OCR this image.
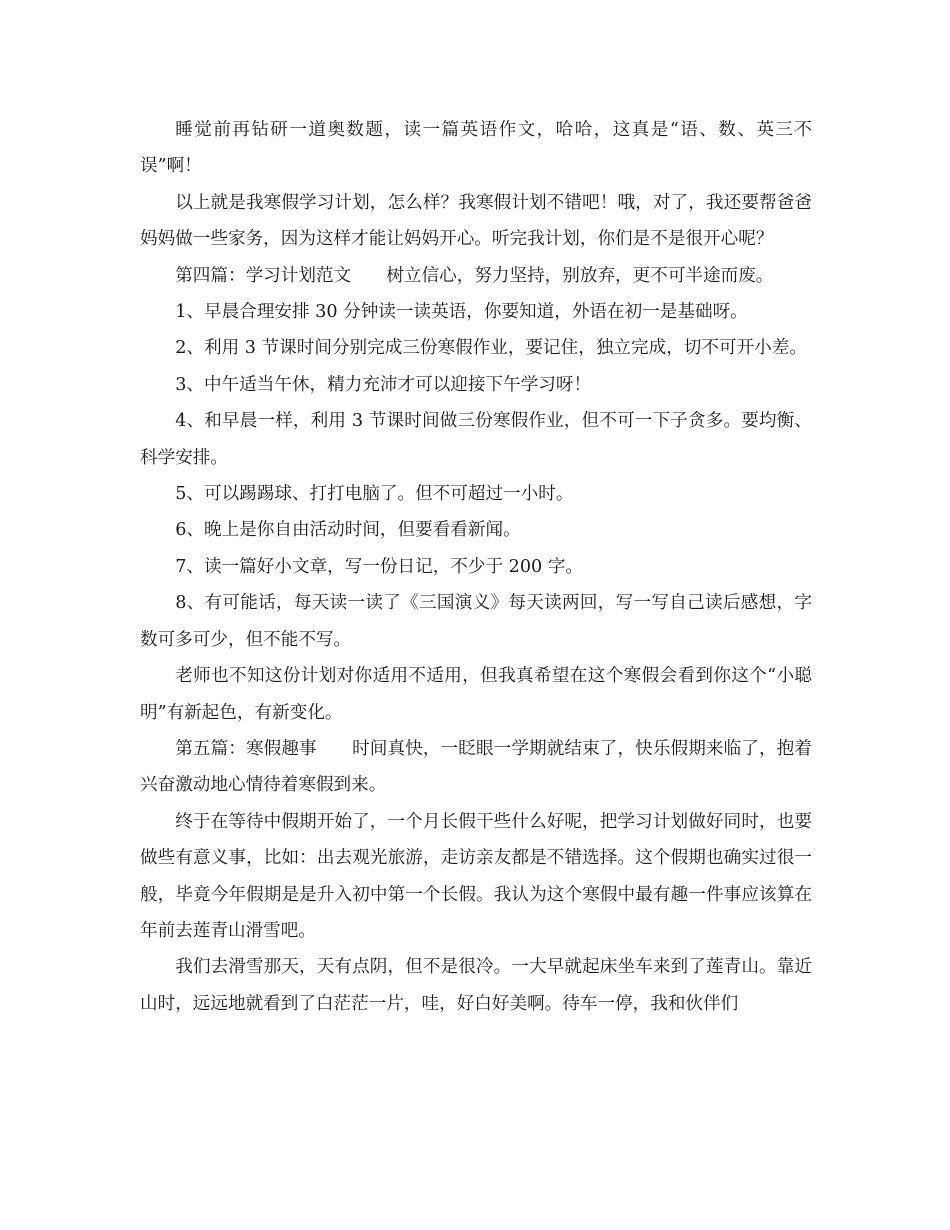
睡觉前再钻研一道奥数题，读一篇英语作文，哈哈，这真是“语、数、英三不误”啊！

以上就是我寒假学习计划，怎么样？我寒假计划不错吧！哦，对了，我还要帮爸爸妈妈做一些家务，因为这样才能让妈妈开心。听完我计划，你们是不是很开心呢？

第四篇：学习计划范文　　树立信心，努力坚持，别放弃，更不可半途而废。

1、早晨合理安排 30 分钟读一读英语，你要知道，外语在初一是基础呀。

2、利用 3 节课时间分别完成三份寒假作业，要记住，独立完成，切不可开小差。

3、中午适当午休，精力充沛才可以迎接下午学习呀！

4、和早晨一样，利用 3 节课时间做三份寒假作业，但不可一下子贪多。要均衡、科学安排。

5、可以踢踢球、打打电脑了。但不可超过一小时。

6、晚上是你自由活动时间，但要看看新闻。

7、读一篇好小文章，写一份日记，不少于 200 字。

8、有可能话，每天读一读了《三国演义》每天读两回，写一写自己读后感想，字数可多可少，但不能不写。

老师也不知这份计划对你适用不适用，但我真希望在这个寒假会看到你这个“小聪明”有新起色，有新变化。

第五篇：寒假趣事　　时间真快，一眨眼一学期就结束了，快乐假期来临了，抱着兴奋激动地心情待着寒假到来。

终于在等待中假期开始了，一个月长假干些什么好呢，把学习计划做好同时，也要做些有意义事，比如：出去观光旅游，走访亲友都是不错选择。这个假期也确实过很一般，毕竟今年假期是是升入初中第一个长假。我认为这个寒假中最有趣一件事应该算在年前去莲青山滑雪吧。

我们去滑雪那天，天有点阴，但不是很冷。一大早就起床坐车来到了莲青山。靠近山时，远远地就看到了白茫茫一片，哇，好白好美啊。待车一停，我和伙伴们
